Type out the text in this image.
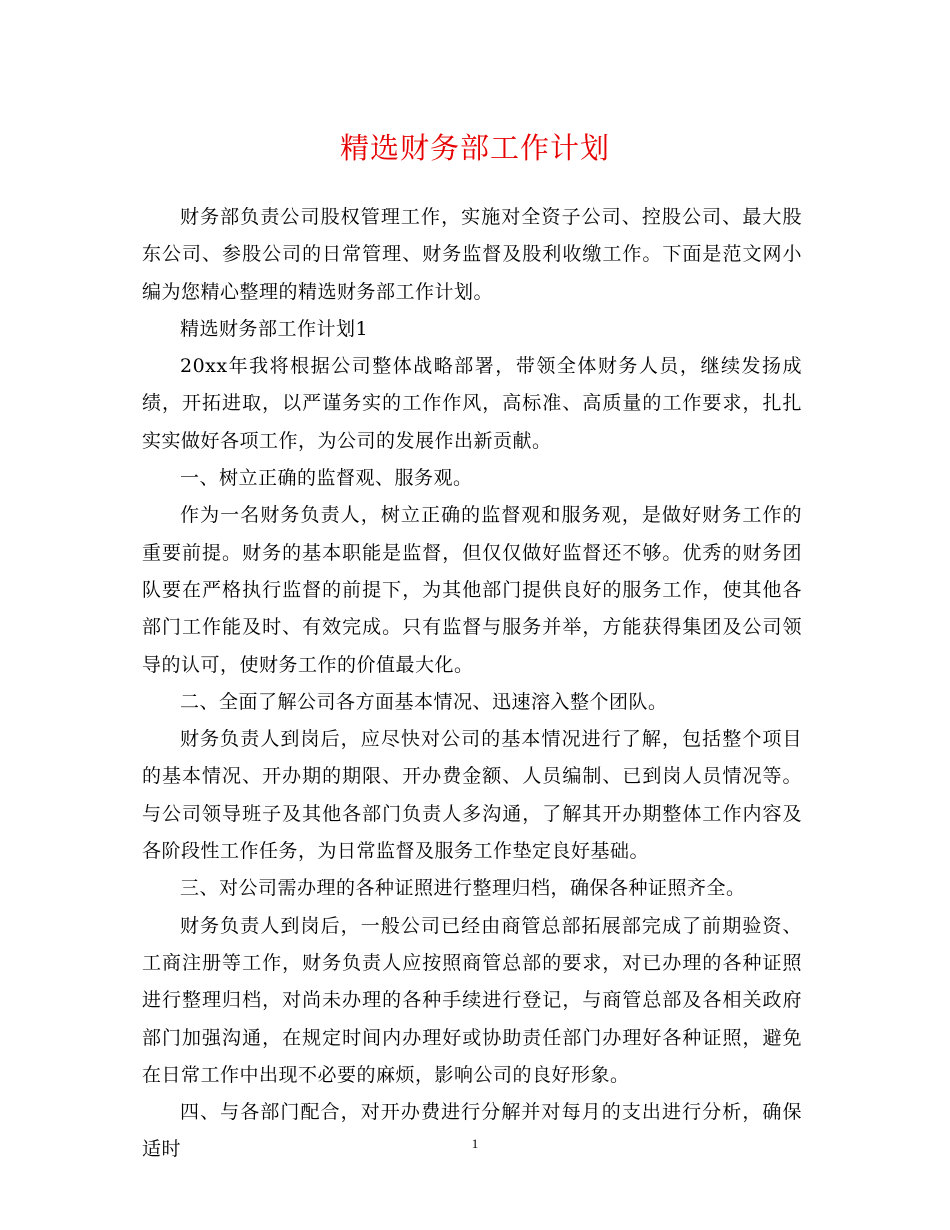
精选财务部工作计划

财务部负责公司股权管理工作，实施对全资子公司、控股公司、最大股东公司、参股公司的日常管理、财务监督及股利收缴工作。下面是范文网小编为您精心整理的精选财务部工作计划。

精选财务部工作计划1

20xx年我将根据公司整体战略部署，带领全体财务人员，继续发扬成绩，开拓进取，以严谨务实的工作作风，高标准、高质量的工作要求，扎扎实实做好各项工作，为公司的发展作出新贡献。

一、树立正确的监督观、服务观。

作为一名财务负责人，树立正确的监督观和服务观，是做好财务工作的重要前提。财务的基本职能是监督，但仅仅做好监督还不够。优秀的财务团队要在严格执行监督的前提下，为其他部门提供良好的服务工作，使其他各部门工作能及时、有效完成。只有监督与服务并举，方能获得集团及公司领导的认可，使财务工作的价值最大化。

二、全面了解公司各方面基本情况、迅速溶入整个团队。

财务负责人到岗后，应尽快对公司的基本情况进行了解，包括整个项目的基本情况、开办期的期限、开办费金额、人员编制、已到岗人员情况等。与公司领导班子及其他各部门负责人多沟通，了解其开办期整体工作内容及各阶段性工作任务，为日常监督及服务工作垫定良好基础。

三、对公司需办理的各种证照进行整理归档，确保各种证照齐全。

财务负责人到岗后，一般公司已经由商管总部拓展部完成了前期验资、工商注册等工作，财务负责人应按照商管总部的要求，对已办理的各种证照进行整理归档，对尚未办理的各种手续进行登记，与商管总部及各相关政府部门加强沟通，在规定时间内办理好或协助责任部门办理好各种证照，避免在日常工作中出现不必要的麻烦，影响公司的良好形象。

四、与各部门配合，对开办费进行分解并对每月的支出进行分析，确保适时	1
